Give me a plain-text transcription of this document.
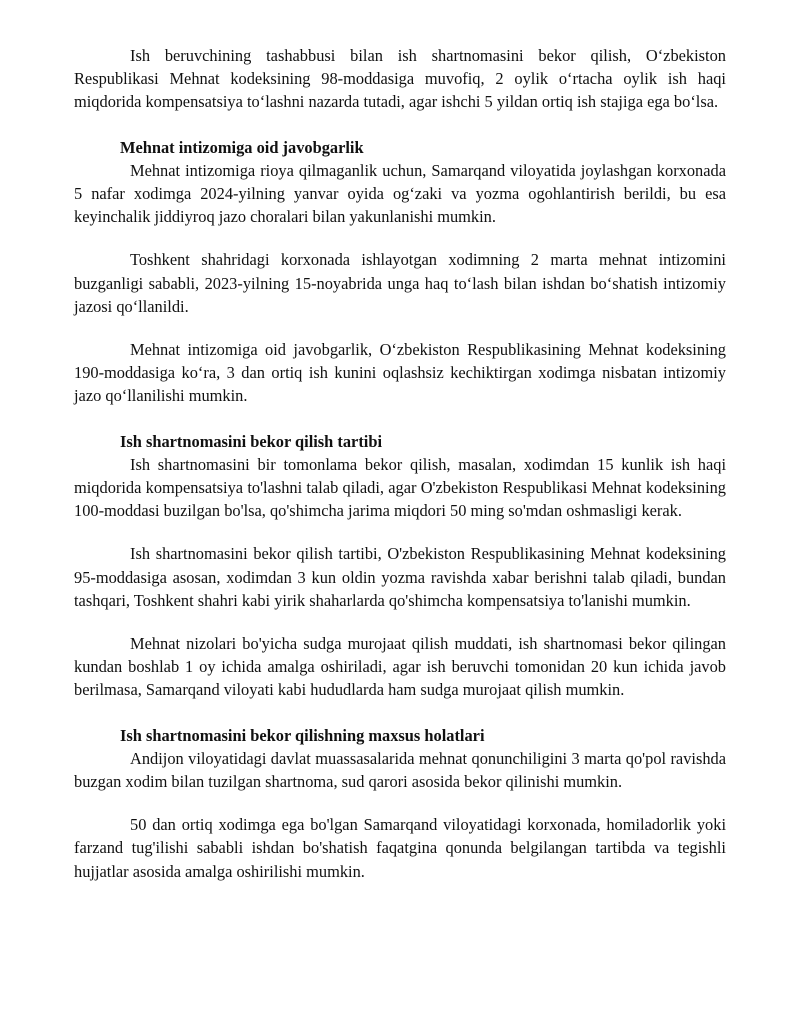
Ish beruvchining tashabbusi bilan ish shartnomasini bekor qilish, O‘zbekiston Respublikasi Mehnat kodeksining 98-moddasiga muvofiq, 2 oylik o‘rtacha oylik ish haqi miqdorida kompensatsiya to‘lashni nazarda tutadi, agar ishchi 5 yildan ortiq ish stajiga ega bo‘lsa.

Mehnat intizomiga oid javobgarlik

Mehnat intizomiga rioya qilmaganlik uchun, Samarqand viloyatida joylashgan korxonada 5 nafar xodimga 2024-yilning yanvar oyida og‘zaki va yozma ogohlantirish berildi, bu esa keyinchalik jiddiyroq jazo choralari bilan yakunlanishi mumkin.

Toshkent shahridagi korxonada ishlayotgan xodimning 2 marta mehnat intizomini buzganligi sababli, 2023-yilning 15-noyabrida unga haq to‘lash bilan ishdan bo‘shatish intizomiy jazosi qo‘llanildi.

Mehnat intizomiga oid javobgarlik, O‘zbekiston Respublikasining Mehnat kodeksining 190-moddasiga ko‘ra, 3 dan ortiq ish kunini oqlashsiz kechiktirgan xodimga nisbatan intizomiy jazo qo‘llanilishi mumkin.

Ish shartnomasini bekor qilish tartibi

Ish shartnomasini bir tomonlama bekor qilish, masalan, xodimdan 15 kunlik ish haqi miqdorida kompensatsiya to'lashni talab qiladi, agar O'zbekiston Respublikasi Mehnat kodeksining 100-moddasi buzilgan bo'lsa, qo'shimcha jarima miqdori 50 ming so'mdan oshmasligi kerak.

Ish shartnomasini bekor qilish tartibi, O'zbekiston Respublikasining Mehnat kodeksining 95-moddasiga asosan, xodimdan 3 kun oldin yozma ravishda xabar berishni talab qiladi, bundan tashqari, Toshkent shahri kabi yirik shaharlarda qo'shimcha kompensatsiya to'lanishi mumkin.

Mehnat nizolari bo'yicha sudga murojaat qilish muddati, ish shartnomasi bekor qilingan kundan boshlab 1 oy ichida amalga oshiriladi, agar ish beruvchi tomonidan 20 kun ichida javob berilmasa, Samarqand viloyati kabi hududlarda ham sudga murojaat qilish mumkin.

Ish shartnomasini bekor qilishning maxsus holatlari

Andijon viloyatidagi davlat muassasalarida mehnat qonunchiligini 3 marta qo'pol ravishda buzgan xodim bilan tuzilgan shartnoma, sud qarori asosida bekor qilinishi mumkin.

50 dan ortiq xodimga ega bo'lgan Samarqand viloyatidagi korxonada, homiladorlik yoki farzand tug'ilishi sababli ishdan bo'shatish faqatgina qonunda belgilangan tartibda va tegishli hujjatlar asosida amalga oshirilishi mumkin.
